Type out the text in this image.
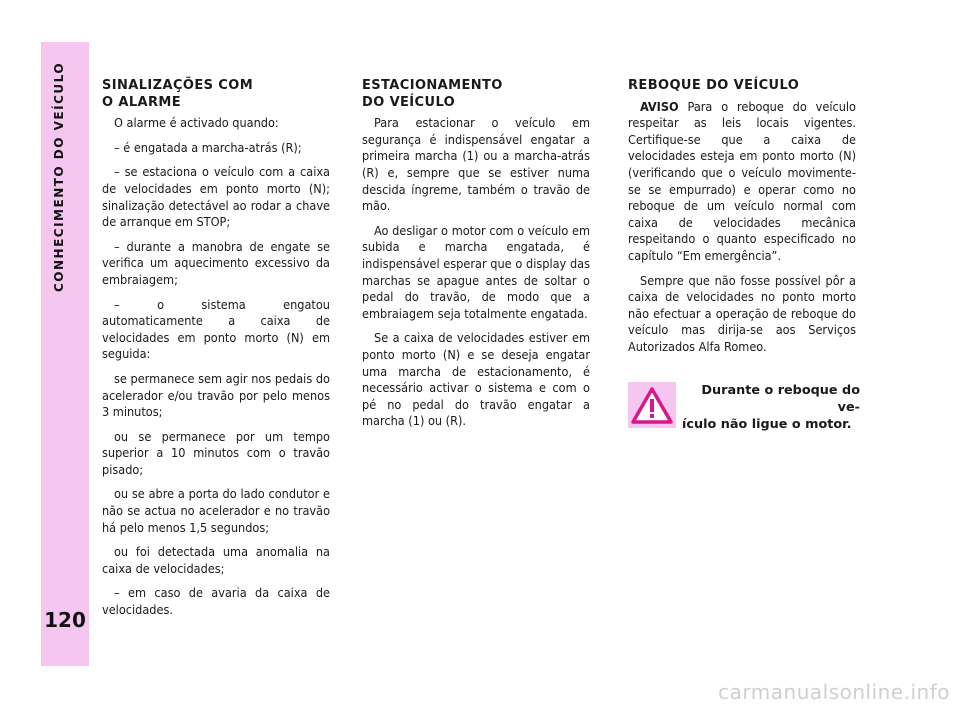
CONHECIMENTO DO VEÍCULO
120
SINALIZAÇÕES COM
O ALARME

O alarme é activado quando:

– é engatada a marcha-atrás (R);

– se estaciona o veículo com a caixa de velocidades em ponto morto (N); sinalização detectável ao rodar a chave de arranque em STOP;

– durante a manobra de engate se verifica um aquecimento excessivo da embraiagem;

– o sistema engatou automaticamente a caixa de velocidades em ponto morto (N) em seguida:

se permanece sem agir nos pedais do acelerador e/ou travão por pelo menos 3 minutos;

ou se permanece por um tempo superior a 10 minutos com o travão pisado;

ou se abre a porta do lado condutor e não se actua no acelerador e no travão há pelo menos 1,5 segundos;

ou foi detectada uma anomalia na caixa de velocidades;

– em caso de avaria da caixa de velocidades.

ESTACIONAMENTO
DO VEÍCULO

Para estacionar o veículo em segurança é indispensável engatar a primeira marcha (1) ou a marcha-atrás (R) e, sempre que se estiver numa descida íngreme, também o travão de mão.

Ao desligar o motor com o veículo em subida e marcha engatada, é indispensável esperar que o display das marchas se apague antes de soltar o pedal do travão, de modo que a embraiagem seja totalmente engatada.

Se a caixa de velocidades estiver em ponto morto (N) e se deseja engatar uma marcha de estacionamento, é necessário activar o sistema e com o pé no pedal do travão engatar a marcha (1) ou (R).

REBOQUE DO VEÍCULO

AVISO Para o reboque do veículo respeitar as leis locais vigentes. Certifique-se que a caixa de velocidades esteja em ponto morto (N) (verificando que o veículo movimente-se se empurrado) e operar como no reboque de um veículo normal com caixa de velocidades mecânica respeitando o quanto especificado no capítulo “Em emergência”.

Sempre que não fosse possível pôr a caixa de velocidades no ponto morto não efectuar a operação de reboque do veículo mas dirija-se aos Serviços Autorizados Alfa Romeo.

Durante o reboque do ve-
ículo não ligue o motor.
carmanualsonline.info
